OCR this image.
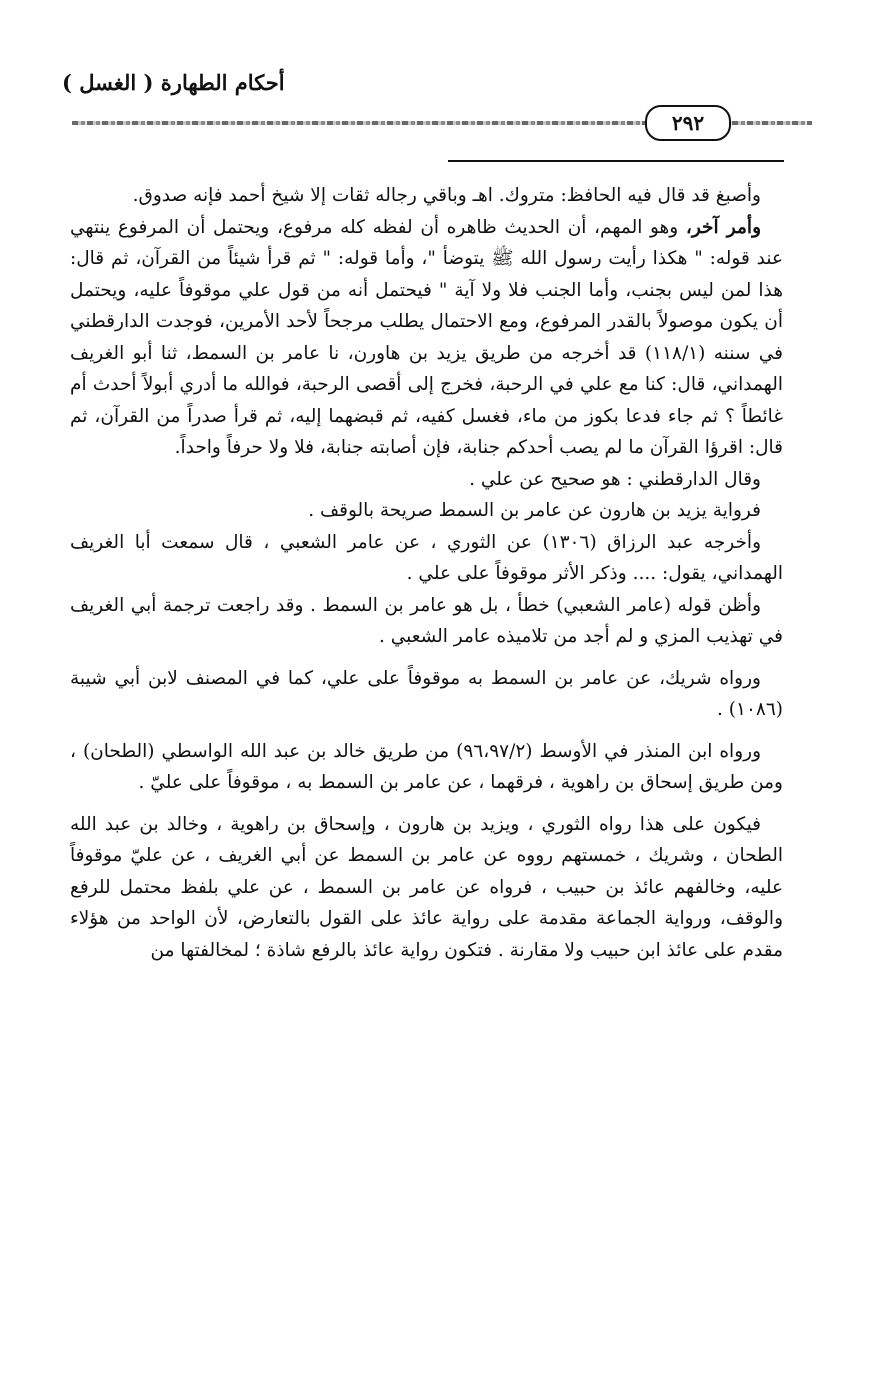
أحكام الطهارة ( الغسل )
٢٩٢

وأصبغ قد قال فيه الحافظ: متروك. اهـ وباقي رجاله ثقات إلا شيخ أحمد فإنه صدوق.

وأمر آخر، وهو المهم، أن الحديث ظاهره أن لفظه كله مرفوع، ويحتمل أن المرفوع ينتهي عند قوله: " هكذا رأيت رسول الله ﷺ يتوضأ "، وأما قوله: " ثم قرأ شيئاً من القرآن، ثم قال: هذا لمن ليس بجنب، وأما الجنب فلا ولا آية " فيحتمل أنه من قول علي موقوفاً عليه، ويحتمل أن يكون موصولاً بالقدر المرفوع، ومع الاحتمال يطلب مرجحاً لأحد الأمرين، فوجدت الدارقطني في سننه (١١٨/١) قد أخرجه من طريق يزيد بن هاورن، نا عامر بن السمط، ثنا أبو الغريف الهمداني، قال: كنا مع علي في الرحبة، فخرج إلى أقصى الرحبة، فوالله ما أدري أبولاً أحدث أم غائطاً ؟ ثم جاء فدعا بكوز من ماء، فغسل كفيه، ثم قبضهما إليه، ثم قرأ صدراً من القرآن، ثم قال: اقرؤا القرآن ما لم يصب أحدكم جنابة، فإن أصابته جنابة، فلا ولا حرفاً واحداً.

وقال الدارقطني : هو صحيح عن علي .

فرواية يزيد بن هارون عن عامر بن السمط صريحة بالوقف .

وأخرجه عبد الرزاق (١٣٠٦) عن الثوري ، عن عامر الشعبي ، قال سمعت أبا الغريف الهمداني، يقول: .... وذكر الأثر موقوفاً على علي .

وأظن قوله (عامر الشعبي) خطأ ، بل هو عامر بن السمط . وقد راجعت ترجمة أبي الغريف في تهذيب المزي و لم أجد من تلاميذه عامر الشعبي .

ورواه شريك، عن عامر بن السمط به موقوفاً على علي، كما في المصنف لابن أبي شيبة (١٠٨٦) .

ورواه ابن المنذر في الأوسط (٩٦،٩٧/٢) من طريق خالد بن عبد الله الواسطي (الطحان) ، ومن طريق إسحاق بن راهوية ، فرقهما ، عن عامر بن السمط به ، موقوفاً على عليّ .

فيكون على هذا رواه الثوري ، ويزيد بن هارون ، وإسحاق بن راهوية ، وخالد بن عبد الله الطحان ، وشريك ، خمستهم رووه عن عامر بن السمط عن أبي الغريف ، عن عليّ موقوفاً عليه، وخالفهم عائذ بن حبيب ، فرواه عن عامر بن السمط ، عن علي بلفظ محتمل للرفع والوقف، ورواية الجماعة مقدمة على رواية عائذ على القول بالتعارض، لأن الواحد من هؤلاء مقدم على عائذ ابن حبيب ولا مقارنة . فتكون رواية عائذ بالرفع شاذة ؛ لمخالفتها من
